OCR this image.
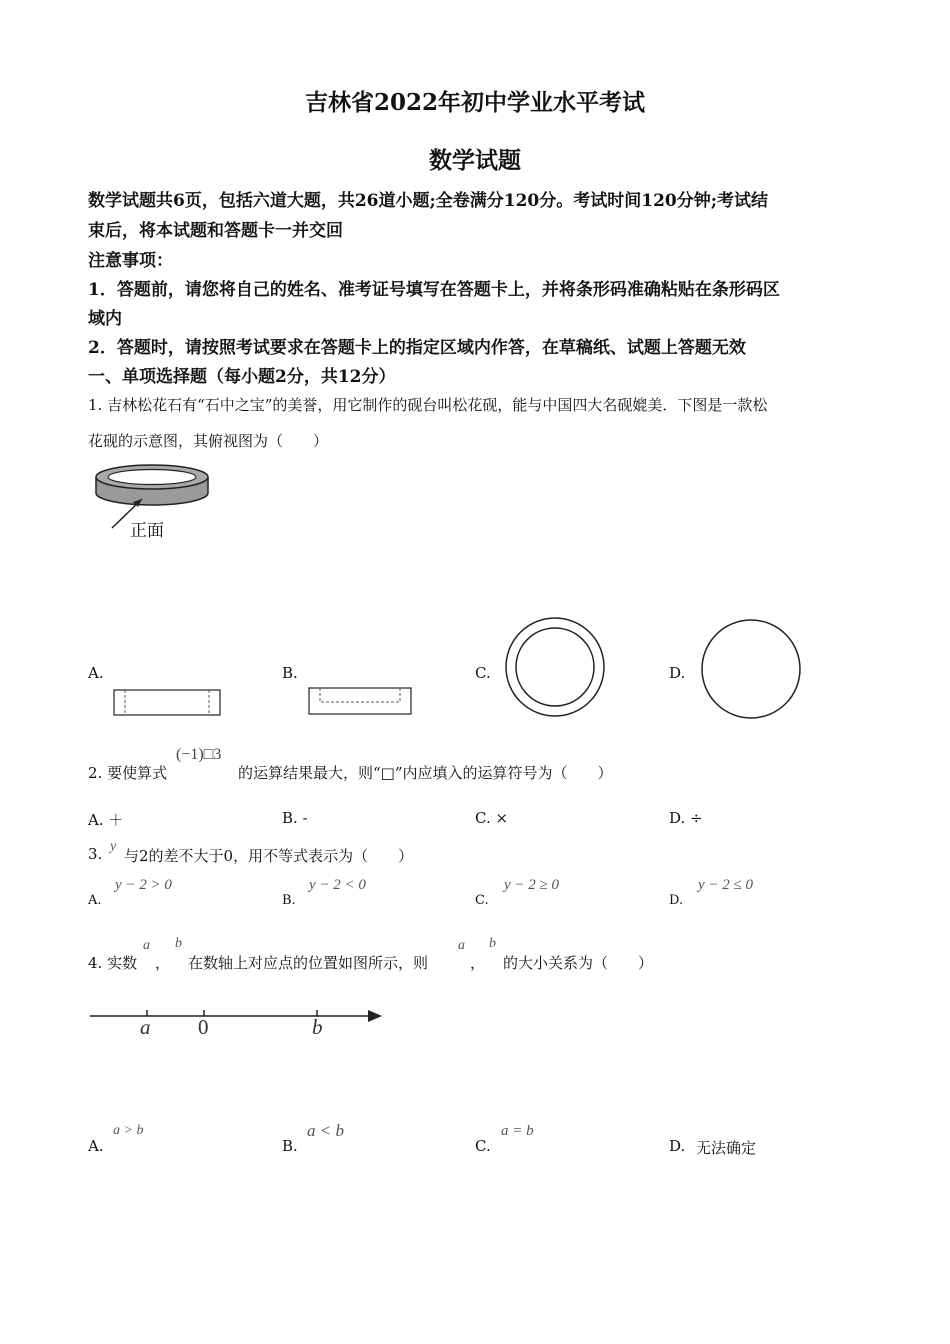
吉林省2022年初中学业水平考试
数学试题
数学试题共6页，包括六道大题，共26道小题;全卷满分120分。考试时间120分钟;考试结
束后，将本试题和答题卡一并交回
注意事项：
1．答题前，请您将自己的姓名、准考证号填写在答题卡上，并将条形码准确粘贴在条形码区
域内
2．答题时，请按照考试要求在答题卡上的指定区域内作答，在草稿纸、试题上答题无效
一、单项选择题（每小题2分，共12分）
1. 吉林松花石有“石中之宝”的美誉，用它制作的砚台叫松花砚，能与中国四大名砚媲美．下图是一款松
花砚的示意图，其俯视图为（　　）
正面
A.	B.	C.	D.
2. 要使算式
(−1)□3
的运算结果最大，则“□”内应填入的运算符号为（　　）
A. ＋	B. -	C. ×	D. ÷
3. y
与2的差不大于0，用不等式表示为（　　）
A.
y − 2 > 0
B.
y − 2 < 0
C.
y − 2 ≥ 0
D.
y − 2 ≤ 0
4. 实数
a
，
b
在数轴上对应点的位置如图所示，则
a
，
b
的大小关系为（　　）
a 0	b
A.
a > b
B.
a < b
C.
a = b
D. 无法确定
